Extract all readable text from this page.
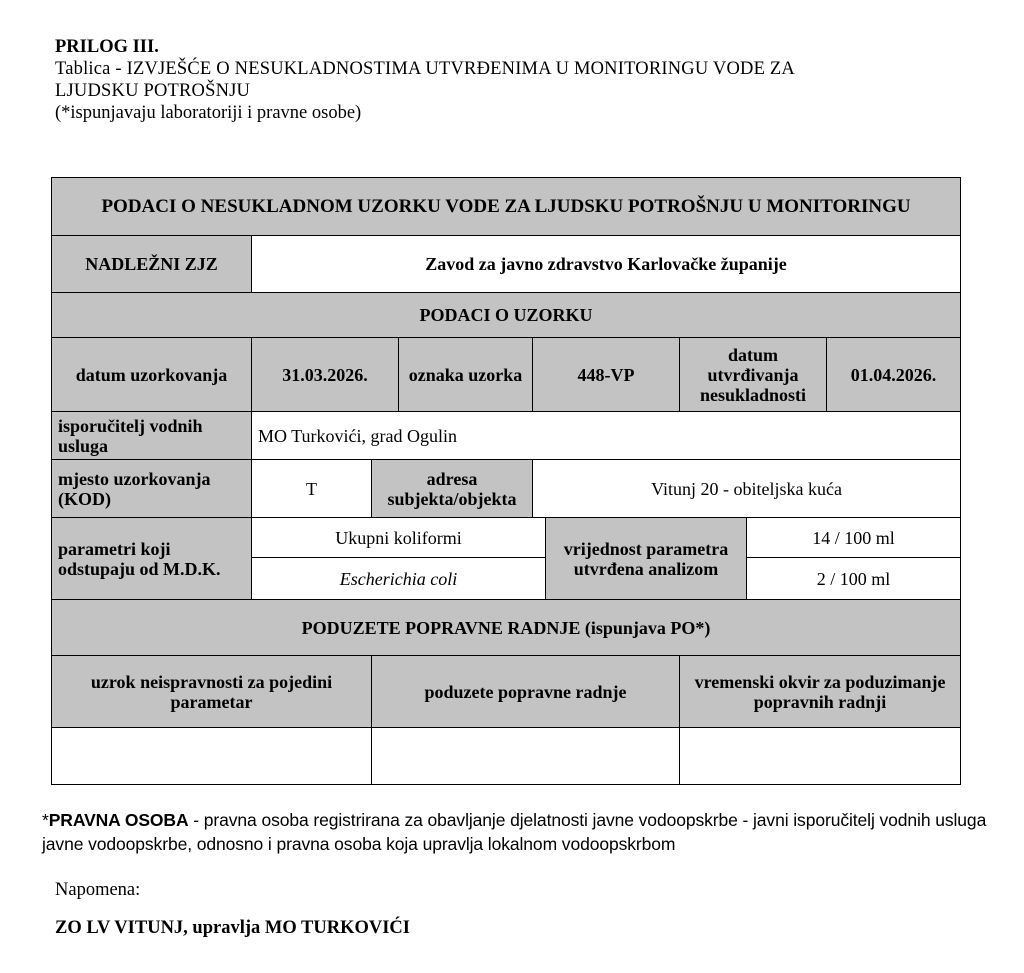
PRILOG III.
Tablica - IZVJEŠĆE O NESUKLADNOSTIMA UTVRĐENIMA U MONITORINGU VODE ZA
LJUDSKU POTROŠNJU
(*ispunjavaju laboratoriji i pravne osobe)
PODACI O NESUKLADNOM UZORKU VODE ZA LJUDSKU POTROŠNJU U MONITORINGU								
NADLEŽNI ZJZ	Zavod za javno zdravstvo Karlovačke županije							
PODACI O UZORKU								
datum uzorkovanja	31.03.2026.		oznaka uzorka	448-VP		datum utvrđivanja nesukladnosti		01.04.2026.
isporučitelj vodnih usluga	MO Turkovići, grad Ogulin							
mjesto uzorkovanja (KOD)	T	adresa subjekta/objekta		Vitunj 20 - obiteljska kuća				
parametri koji odstupaju od M.D.K.	Ukupni koliformi				vrijednost parametra utvrđena analizom		14 / 100 ml	
	Escherichia coli						2 / 100 ml	
PODUZETE POPRAVNE RADNJE (ispunjava PO*)								
uzrok neispravnosti za pojedini parametar		poduzete popravne radnje				vremenski okvir za poduzimanje popravnih radnji		

*PRAVNA OSOBA - pravna osoba registrirana za obavljanje djelatnosti javne vodoopskrbe - javni isporučitelj vodnih usluga javne vodoopskrbe, odnosno i pravna osoba koja upravlja lokalnom vodoopskrbom
Napomena:
ZO LV VITUNJ, upravlja MO TURKOVIĆI
